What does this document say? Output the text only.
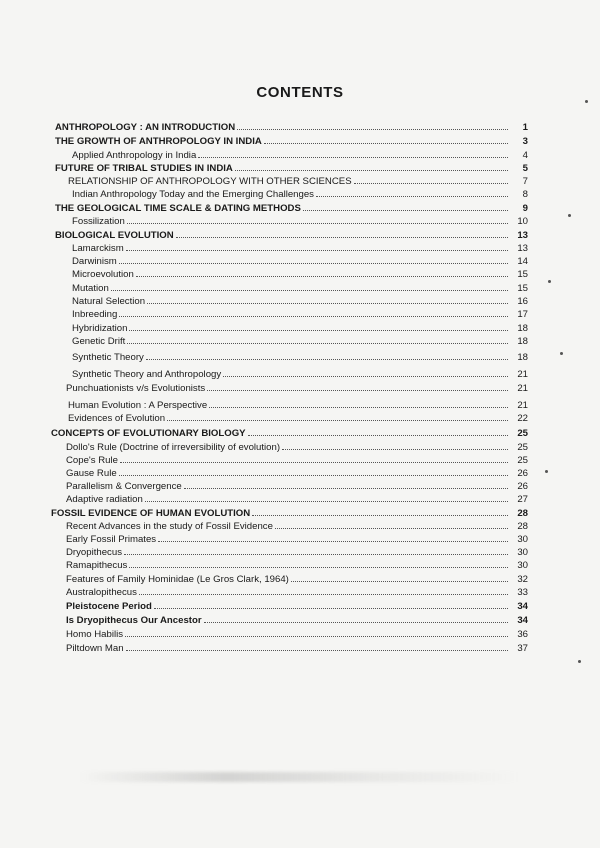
CONTENTS
ANTHROPOLOGY : AN INTRODUCTION	1
THE GROWTH OF ANTHROPOLOGY IN INDIA	3
Applied Anthropology in India	4
FUTURE OF TRIBAL STUDIES IN INDIA	5
RELATIONSHIP OF ANTHROPOLOGY WITH OTHER SCIENCES	7
Indian Anthropology Today and the Emerging Challenges	8
THE GEOLOGICAL TIME SCALE & DATING METHODS	9
Fossilization	10
BIOLOGICAL EVOLUTION	13
Lamarckism	13
Darwinism	14
Microevolution	15
Mutation	15
Natural Selection	16
Inbreeding	17
Hybridization	18
Genetic Drift	18
Synthetic Theory	18
Synthetic Theory and Anthropology	21
Punchuationists v/s Evolutionists	21
Human Evolution : A Perspective	21
Evidences of Evolution	22
CONCEPTS OF EVOLUTIONARY BIOLOGY	25
Dollo's Rule (Doctrine of irreversibility of evolution)	25
Cope's Rule	25
Gause Rule	26
Parallelism & Convergence	26
Adaptive radiation	27
FOSSIL EVIDENCE OF HUMAN EVOLUTION	28
Recent Advances in the study of Fossil Evidence	28
Early Fossil Primates	30
Dryopithecus	30
Ramapithecus	30
Features of Family Hominidae (Le Gros Clark, 1964)	32
Australopithecus	33
Pleistocene Period	34
Is Dryopithecus Our Ancestor	34
Homo Habilis	36
Piltdown Man	37
